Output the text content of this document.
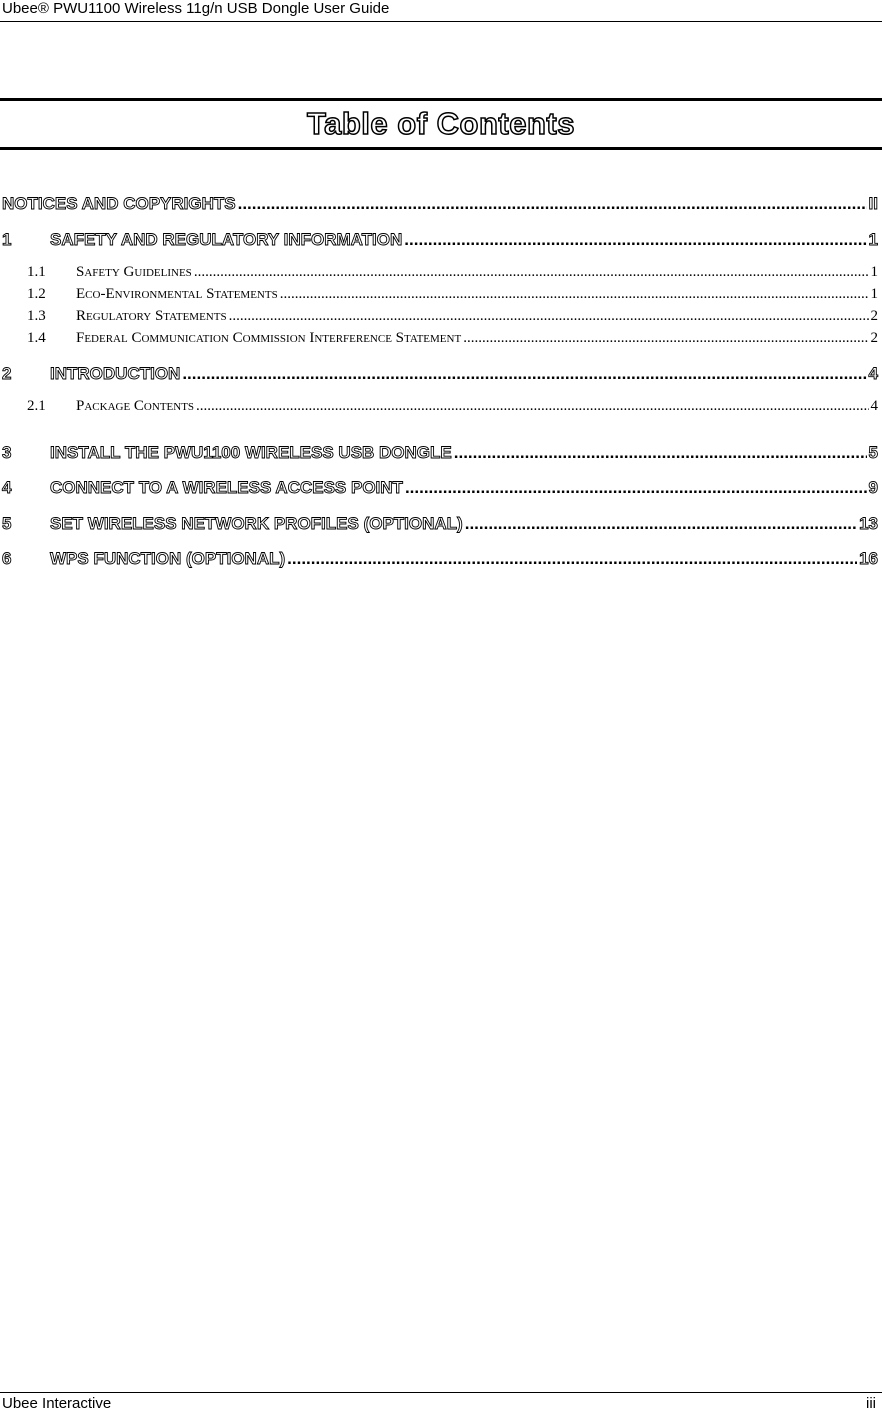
Ubee® PWU1100 Wireless 11g/n USB Dongle User Guide
Table of Contents
NOTICES AND COPYRIGHTS .....	II
1	SAFETY AND REGULATORY INFORMATION .....	1
1.1	Safety Guidelines .....	1
1.2	Eco-Environmental Statements .....	1
1.3	Regulatory Statements .....	2
1.4	Federal Communication Commission Interference Statement .....	2
2	INTRODUCTION .....	4
2.1	Package Contents .....	4
3	INSTALL THE PWU1100 WIRELESS USB DONGLE .....	5
4	CONNECT TO A WIRELESS ACCESS POINT .....	9
5	SET WIRELESS NETWORK PROFILES (OPTIONAL) .....	13
6	WPS FUNCTION (OPTIONAL) .....	16
Ubee Interactive	iii
